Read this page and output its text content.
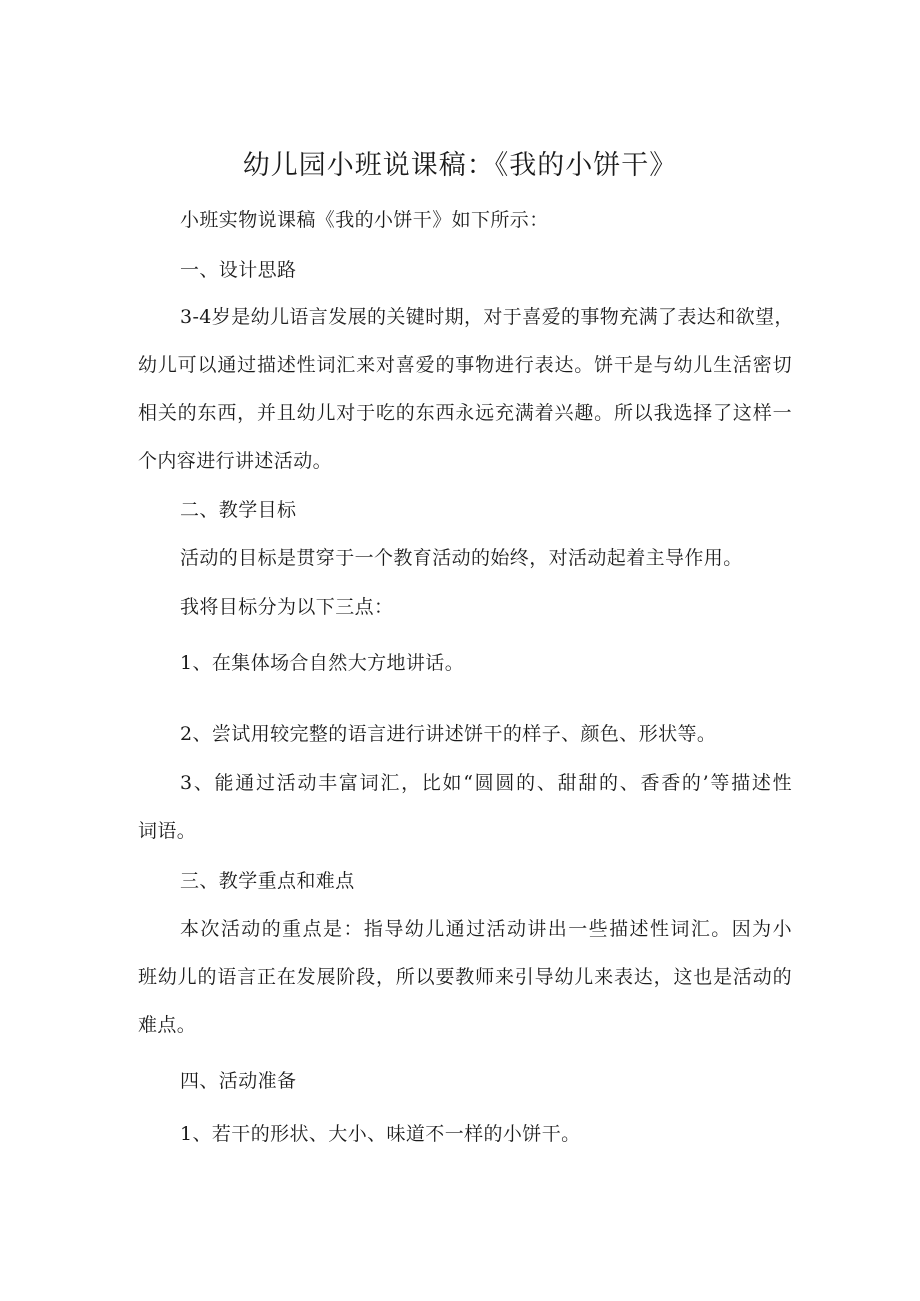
幼儿园小班说课稿：《我的小饼干》

小班实物说课稿《我的小饼干》如下所示：

一、设计思路

3-4岁是幼儿语言发展的关键时期，对于喜爱的事物充满了表达和欲望，

幼儿可以通过描述性词汇来对喜爱的事物进行表达。饼干是与幼儿生活密切

相关的东西，并且幼儿对于吃的东西永远充满着兴趣。所以我选择了这样一

个内容进行讲述活动。

二、教学目标

活动的目标是贯穿于一个教育活动的始终，对活动起着主导作用。

我将目标分为以下三点：

1、在集体场合自然大方地讲话。

2、尝试用较完整的语言进行讲述饼干的样子、颜色、形状等。

3、能通过活动丰富词汇，比如“圆圆的、甜甜的、香香的’等描述性

词语。

三、教学重点和难点

本次活动的重点是：指导幼儿通过活动讲出一些描述性词汇。因为小

班幼儿的语言正在发展阶段，所以要教师来引导幼儿来表达，这也是活动的

难点。

四、活动准备

1、若干的形状、大小、味道不一样的小饼干。
